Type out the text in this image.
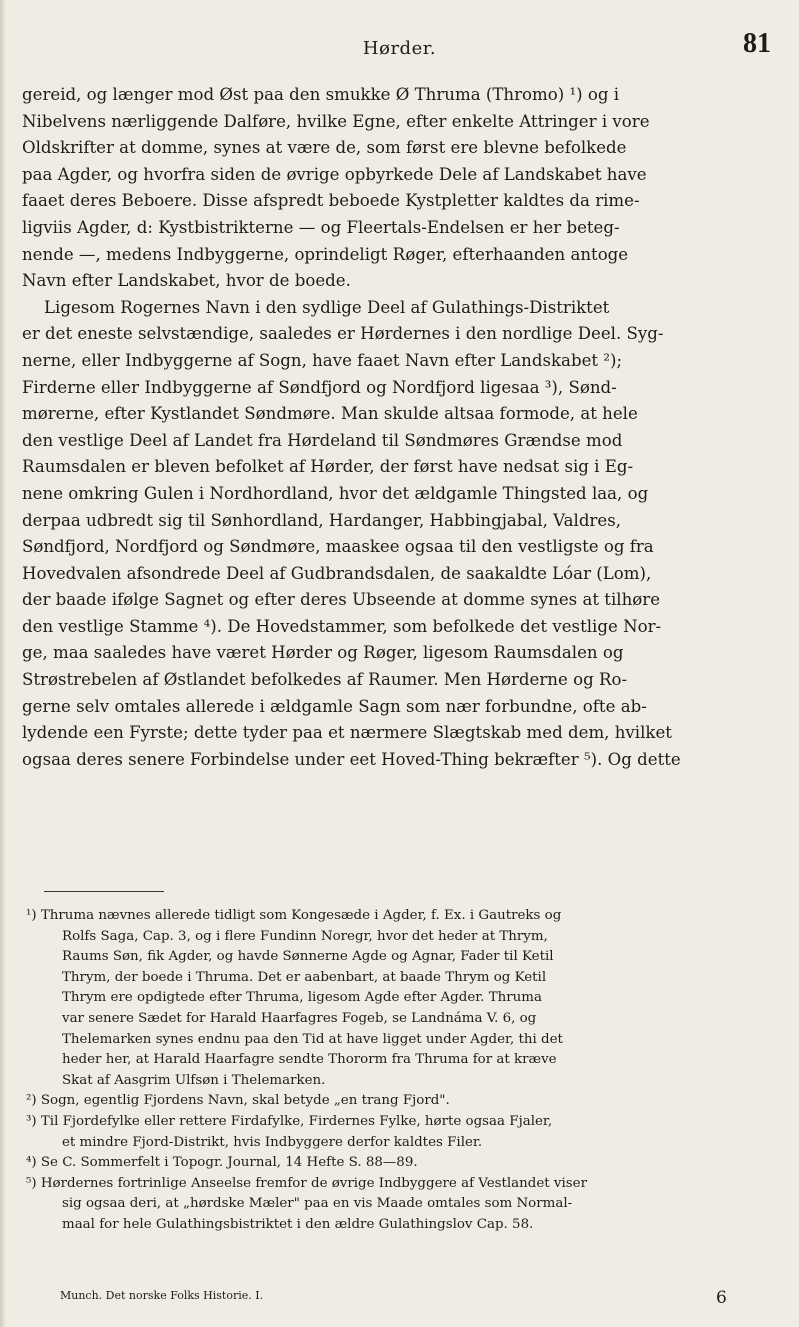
Hørder.	81
gereid, og længer mod Øst paa den smukke Ø Thruma (Thromo) ¹) og i
Nibelvens nærliggende Dalføre, hvilke Egne, efter enkelte Attringer i vore
Oldskrifter at domme, synes at være de, som først ere blevne befolkede
paa Agder, og hvorfra siden de øvrige opbyrkede Dele af Landskabet have
faaet deres Beboere. Disse afspredt beboede Kystpletter kaldtes da rime-
ligviis Agder, d: Kystbistrikterne — og Fleertals-Endelsen er her beteg-
nende —, medens Indbyggerne, oprindeligt Røger, efterhaanden antoge
Navn efter Landskabet, hvor de boede.
Ligesom Rogernes Navn i den sydlige Deel af Gulathings-Distriktet
er det eneste selvstændige, saaledes er Hørdernes i den nordlige Deel. Syg-
nerne, eller Indbyggerne af Sogn, have faaet Navn efter Landskabet ²);
Firderne eller Indbyggerne af Søndfjord og Nordfjord ligesaa ³), Sønd-
mørerne, efter Kystlandet Søndmøre. Man skulde altsaa formode, at hele
den vestlige Deel af Landet fra Hørdeland til Søndmøres Grændse mod
Raumsdalen er bleven befolket af Hørder, der først have nedsat sig i Eg-
nene omkring Gulen i Nordhordland, hvor det ældgamle Thingsted laa, og
derpaa udbredt sig til Sønhordland, Hardanger, Habbingjabal, Valdres,
Søndfjord, Nordfjord og Søndmøre, maaskee ogsaa til den vestligste og fra
Hovedvalen afsondrede Deel af Gudbrandsdalen, de saakaldte Lóar (Lom),
der baade ifølge Sagnet og efter deres Ubseende at domme synes at tilhøre
den vestlige Stamme ⁴). De Hovedstammer, som befolkede det vestlige Nor-
ge, maa saaledes have været Hørder og Røger, ligesom Raumsdalen og
Strøstrebelen af Østlandet befolkedes af Raumer. Men Hørderne og Ro-
gerne selv omtales allerede i ældgamle Sagn som nær forbundne, ofte ab-
lydende een Fyrste; dette tyder paa et nærmere Slægtskab med dem, hvilket
ogsaa deres senere Forbindelse under eet Hoved-Thing bekræfter ⁵). Og dette
¹) Thruma nævnes allerede tidligt som Kongesæde i Agder, f. Ex. i Gautreks og
Rolfs Saga, Cap. 3, og i flere Fundinn Noregr, hvor det heder at Thrym,
Raums Søn, fik Agder, og havde Sønnerne Agde og Agnar, Fader til Ketil
Thrym, der boede i Thruma. Det er aabenbart, at baade Thrym og Ketil
Thrym ere opdigtede efter Thruma, ligesom Agde efter Agder. Thruma
var senere Sædet for Harald Haarfagres Fogeb, se Landnáma V. 6, og
Thelemarken synes endnu paa den Tid at have ligget under Agder, thi det
heder her, at Harald Haarfagre sendte Thororm fra Thruma for at kræve
Skat af Aasgrim Ulfsøn i Thelemarken.
²) Sogn, egentlig Fjordens Navn, skal betyde „en trang Fjord".
³) Til Fjordefylke eller rettere Firdafylke, Firdernes Fylke, hørte ogsaa Fjaler,
et mindre Fjord-Distrikt, hvis Indbyggere derfor kaldtes Filer.
⁴) Se C. Sommerfelt i Topogr. Journal, 14 Hefte S. 88—89.
⁵) Hørdernes fortrinlige Anseelse fremfor de øvrige Indbyggere af Vestlandet viser
sig ogsaa deri, at „hørdske Mæler" paa en vis Maade omtales som Normal-
maal for hele Gulathingsbistriktet i den ældre Gulathingslov Cap. 58.
Munch. Det norske Folks Historie. I.	6
